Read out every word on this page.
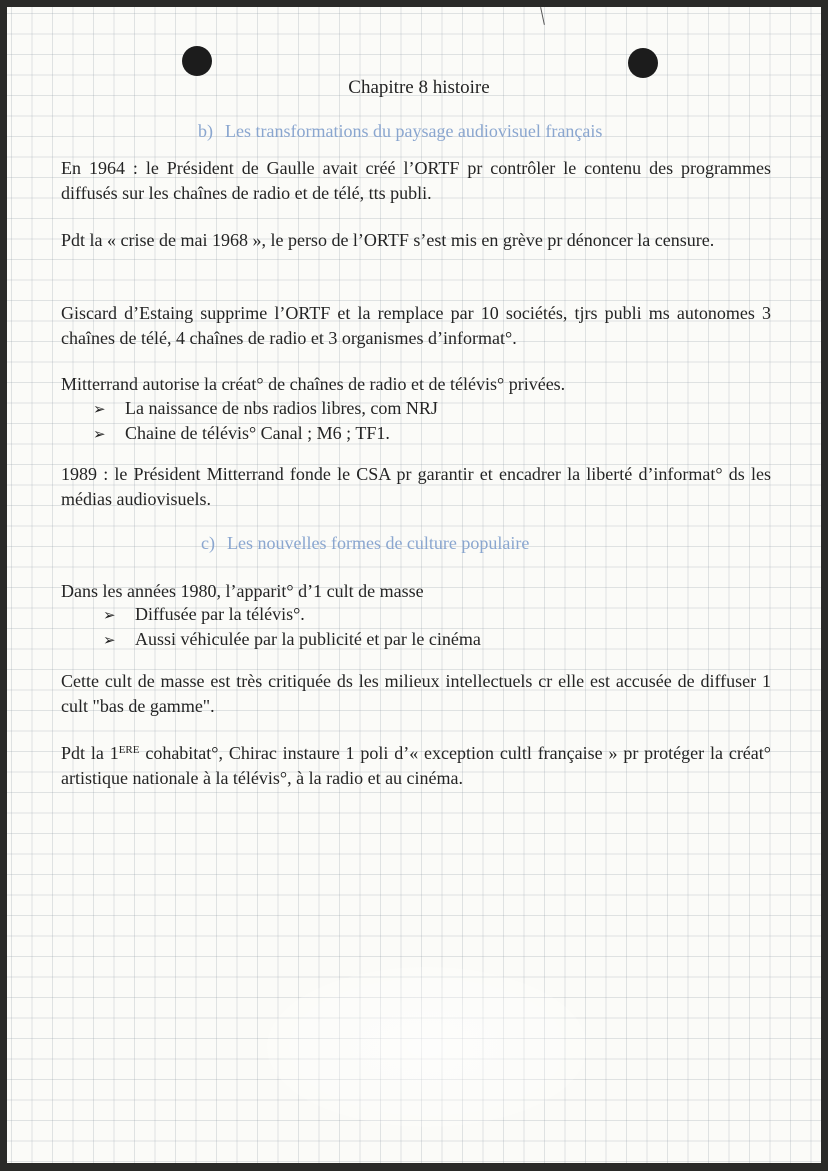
Chapitre 8 histoire
b) Les transformations du paysage audiovisuel français

En 1964 : le Président de Gaulle avait créé l’ORTF pr contrôler le contenu des programmes diffusés sur les chaînes de radio et de télé, tts publi.

Pdt la « crise de mai 1968 », le perso de l’ORTF s’est mis en grève pr dénoncer la censure.

Giscard d’Estaing supprime l’ORTF et la remplace par 10 sociétés, tjrs publi ms autonomes 3 chaînes de télé, 4 chaînes de radio et 3 organismes d’informat°.

Mitterrand autorise la créat° de chaînes de radio et de télévis° privées.

➢ La naissance de nbs radios libres, com NRJ
➢ Chaine de télévis° Canal ; M6 ; TF1.

1989 : le Président Mitterrand fonde le CSA pr garantir et encadrer la liberté d’informat° ds les médias audiovisuels.

c) Les nouvelles formes de culture populaire

Dans les années 1980, l’apparit° d’1 cult de masse

➢ Diffusée par la télévis°.
➢ Aussi véhiculée par la publicité et par le cinéma

Cette cult de masse est très critiquée ds les milieux intellectuels cr elle est accusée de diffuser 1 cult "bas de gamme".

Pdt la 1ERE cohabitat°, Chirac instaure 1 poli d’« exception cultl française » pr protéger la créat° artistique nationale à la télévis°, à la radio et au cinéma.
